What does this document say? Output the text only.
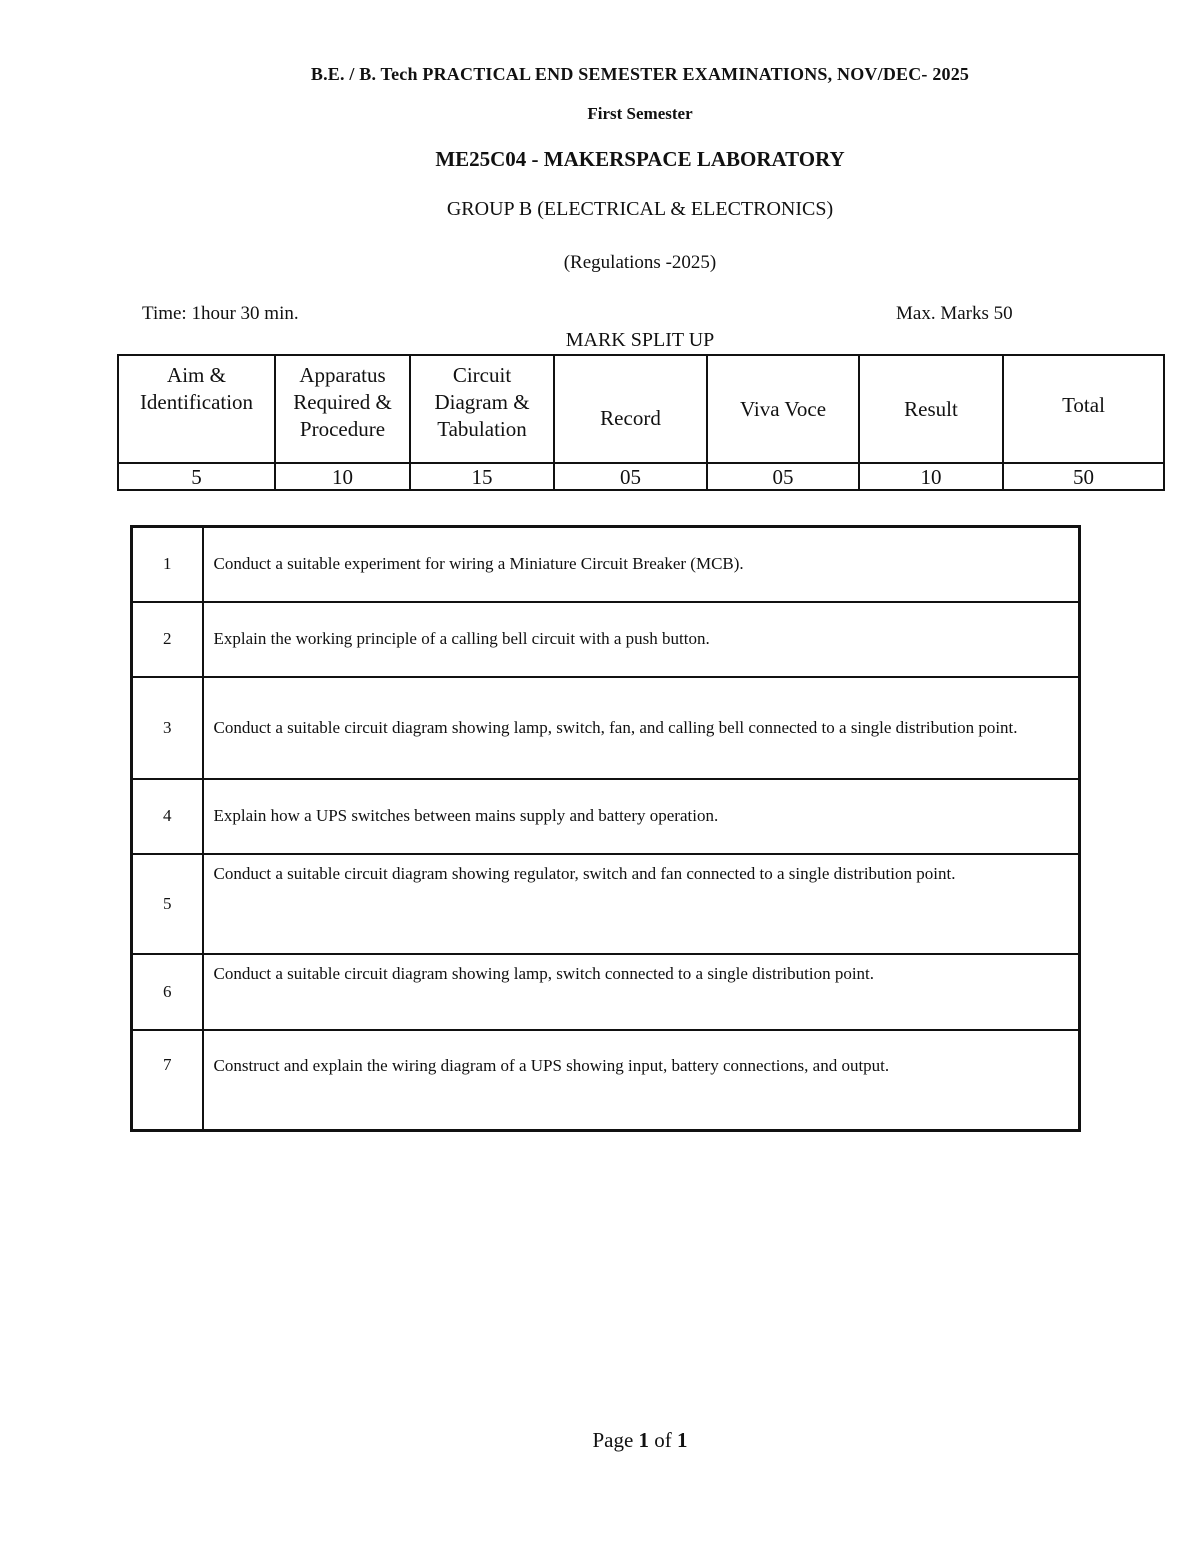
B.E. / B. Tech PRACTICAL END SEMESTER EXAMINATIONS, NOV/DEC- 2025
First Semester
ME25C04 - MAKERSPACE LABORATORY
GROUP B (ELECTRICAL & ELECTRONICS)
(Regulations -2025)
Time: 1hour 30 min.	Max. Marks 50
MARK SPLIT UP
Aim &
Identification	Apparatus
Required &
Procedure	Circuit
Diagram &
Tabulation	Record	Viva Voce	Result	Total
5	10	15	05	05	10	50
1	Conduct a suitable experiment for wiring a Miniature Circuit Breaker (MCB).
2	Explain the working principle of a calling bell circuit with a push button.
3	Conduct a suitable circuit diagram showing lamp, switch, fan, and calling bell connected to a single distribution point.
4	Explain how a UPS switches between mains supply and battery operation.
5	Conduct a suitable circuit diagram showing regulator, switch and fan connected to a single distribution point.
6	Conduct a suitable circuit diagram showing lamp, switch connected to a single distribution point.
7	Construct and explain the wiring diagram of a UPS showing input, battery connections, and output.
Page 1 of 1
